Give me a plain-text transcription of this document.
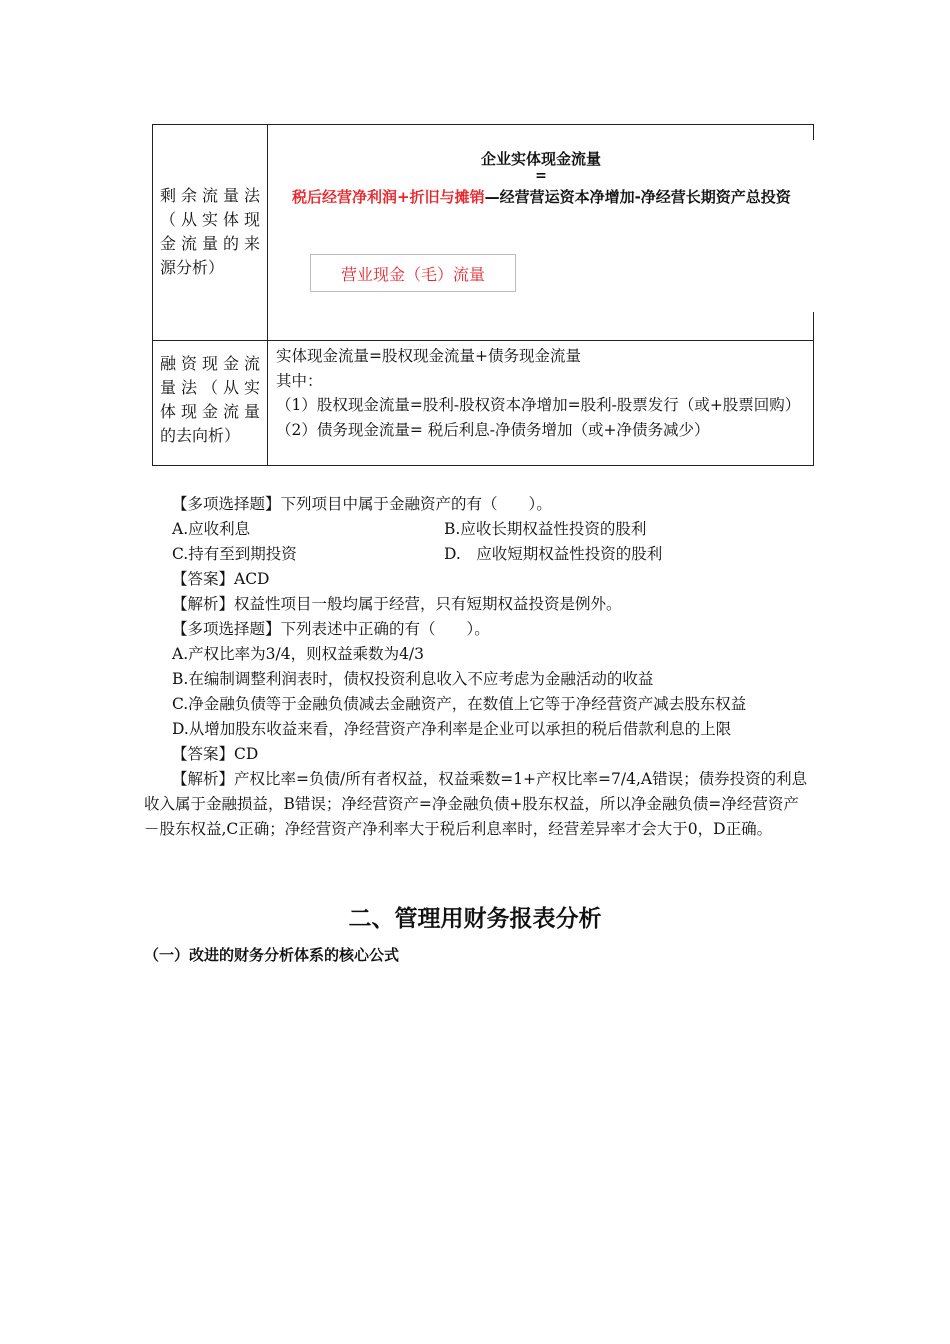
剩余流量法
（从实体现
金流量的来
源分析）
企业实体现金流量
=
税后经营净利润+折旧与摊销—经营营运资本净增加-净经营长期资产总投资
营业现金（毛）流量
融资现金流
量法（从实
体现金流量
的去向析）
实体现金流量=股权现金流量+债务现金流量
其中：
（1）股权现金流量=股利-股权资本净增加=股利-股票发行（或+股票回购）
（2）债务现金流量= 税后利息-净债务增加（或+净债务减少）
【多项选择题】下列项目中属于金融资产的有（　　）。
A.应收利息	B.应收长期权益性投资的股利
C.持有至到期投资	D.　应收短期权益性投资的股利
【答案】ACD
【解析】权益性项目一般均属于经营，只有短期权益投资是例外。
【多项选择题】下列表述中正确的有（　　）。
A.产权比率为3/4，则权益乘数为4/3
B.在编制调整利润表时，债权投资利息收入不应考虑为金融活动的收益
C.净金融负债等于金融负债减去金融资产，在数值上它等于净经营资产减去股东权益
D.从增加股东收益来看，净经营资产净利率是企业可以承担的税后借款利息的上限
【答案】CD
【解析】产权比率=负债/所有者权益，权益乘数=1+产权比率=7/4,A错误；债券投资的利息收入属于金融损益，B错误；净经营资产=净金融负债+股东权益，所以净金融负债=净经营资产－股东权益,C正确；净经营资产净利率大于税后利息率时，经营差异率才会大于0，D正确。
二、管理用财务报表分析
（一）改进的财务分析体系的核心公式
